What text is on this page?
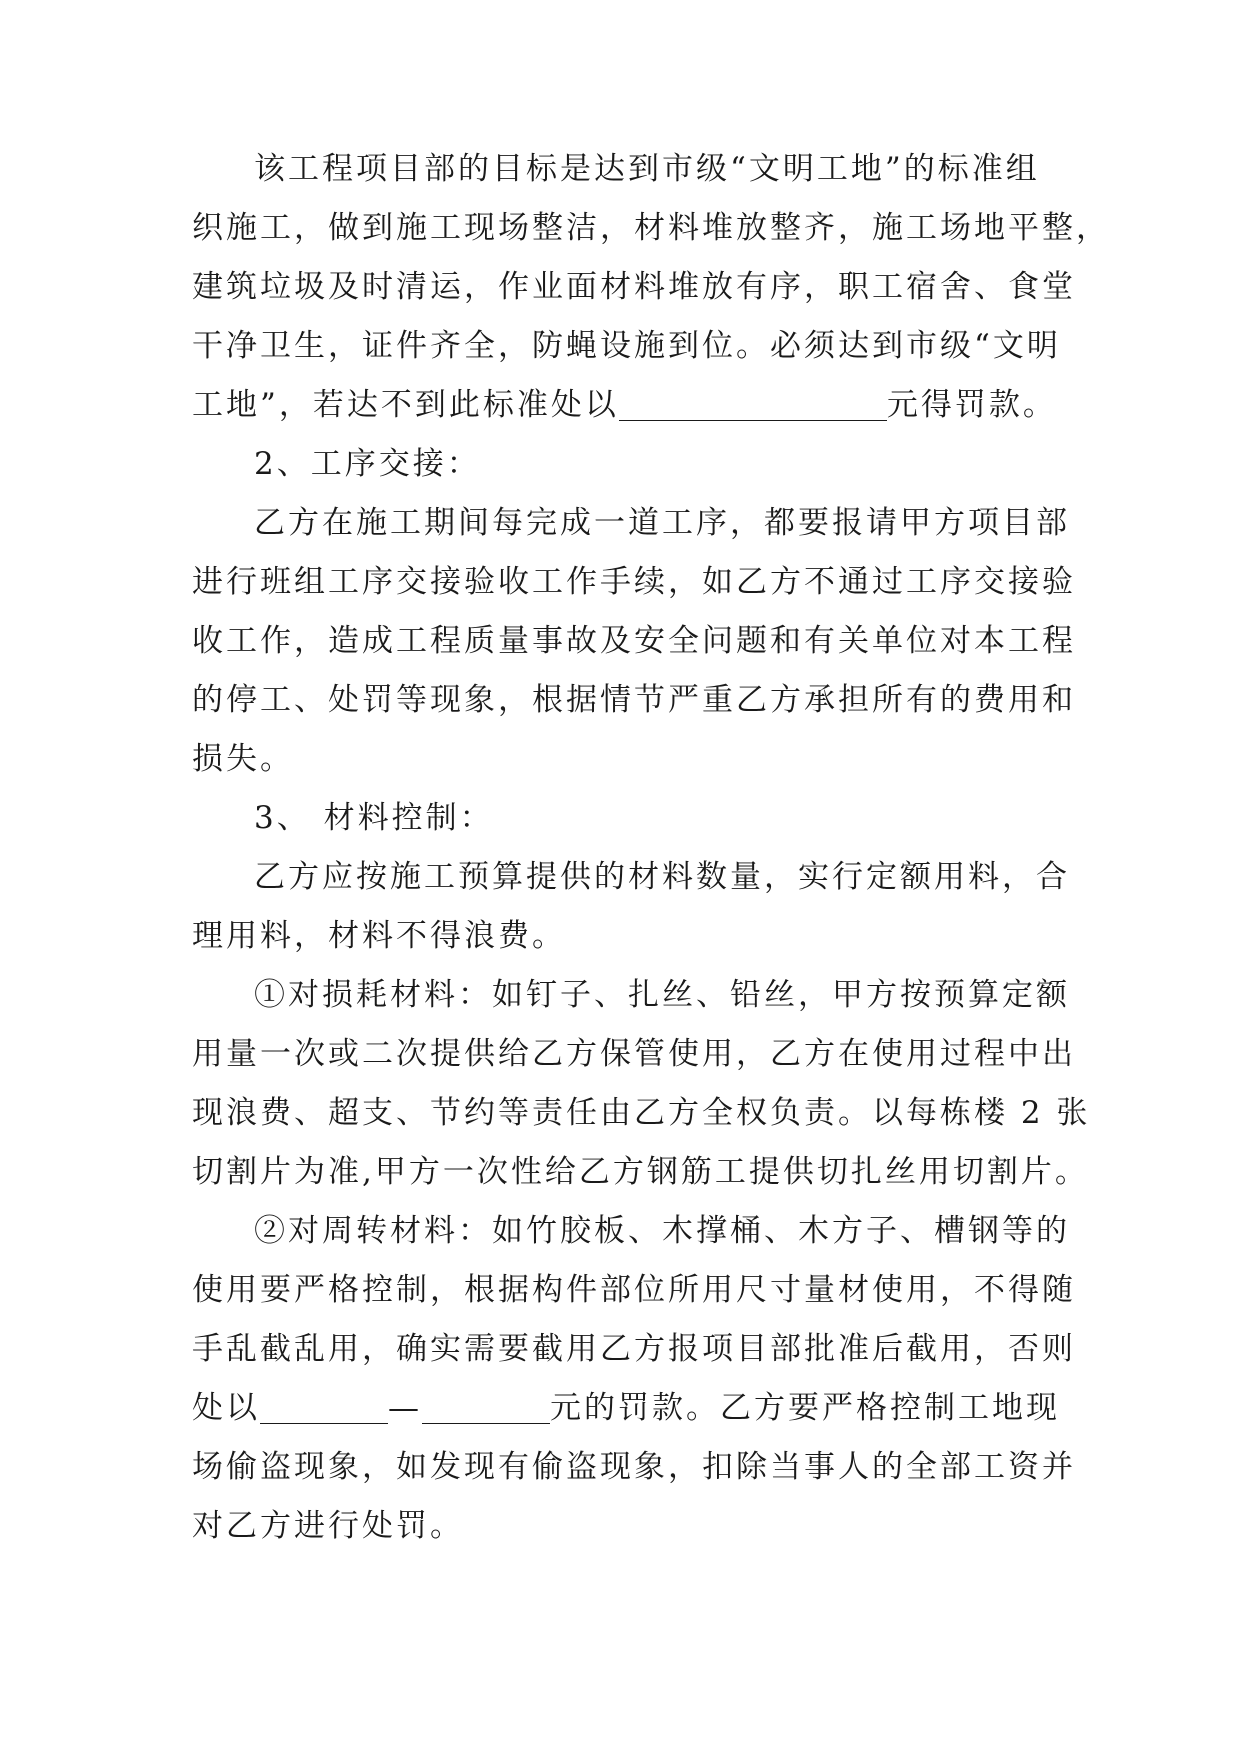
该工程项目部的目标是达到市级“文明工地”的标准组
织施工，做到施工现场整洁，材料堆放整齐，施工场地平整，
建筑垃圾及时清运，作业面材料堆放有序，职工宿舍、食堂
干净卫生，证件齐全，防蝇设施到位。必须达到市级“文明
工地”，若达不到此标准处以	元得罚款。
2、工序交接：
乙方在施工期间每完成一道工序，都要报请甲方项目部
进行班组工序交接验收工作手续，如乙方不通过工序交接验
收工作，造成工程质量事故及安全问题和有关单位对本工程
的停工、处罚等现象，根据情节严重乙方承担所有的费用和
损失。
3、 材料控制：
乙方应按施工预算提供的材料数量，实行定额用料，合
理用料，材料不得浪费。
①对损耗材料：如钉子、扎丝、铅丝，甲方按预算定额
用量一次或二次提供给乙方保管使用，乙方在使用过程中出
现浪费、超支、节约等责任由乙方全权负责。以每栋楼 2 张
切割片为准,甲方一次性给乙方钢筋工提供切扎丝用切割片。
②对周转材料：如竹胶板、木撑桶、木方子、槽钢等的
使用要严格控制，根据构件部位所用尺寸量材使用，不得随
手乱截乱用，确实需要截用乙方报项目部批准后截用，否则
处以	—	元的罚款。乙方要严格控制工地现
场偷盗现象，如发现有偷盗现象，扣除当事人的全部工资并
对乙方进行处罚。
